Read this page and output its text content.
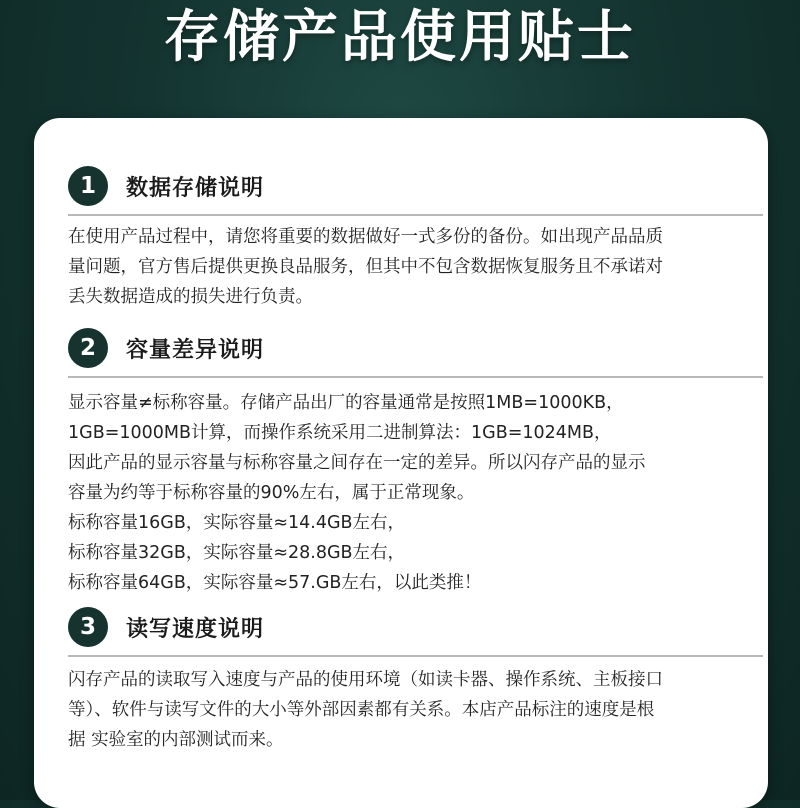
存储产品使用贴士
1	数据存储说明
在使用产品过程中，请您将重要的数据做好一式多份的备份。如出现产品品质
量问题，官方售后提供更换良品服务，但其中不包含数据恢复服务且不承诺对
丢失数据造成的损失进行负责。
2	容量差异说明
显示容量≠标称容量。存储产品出厂的容量通常是按照1MB=1000KB，
1GB=1000MB计算，而操作系统采用二进制算法：1GB=1024MB，
因此产品的显示容量与标称容量之间存在一定的差异。所以闪存产品的显示
容量为约等于标称容量的90%左右，属于正常现象。
标称容量16GB，实际容量≈14.4GB左右，
标称容量32GB，实际容量≈28.8GB左右，
标称容量64GB，实际容量≈57.GB左右，以此类推！
3	读写速度说明
闪存产品的读取写入速度与产品的使用环境（如读卡器、操作系统、主板接口
等）、软件与读写文件的大小等外部因素都有关系。本店产品标注的速度是根
据 实验室的内部测试而来。
